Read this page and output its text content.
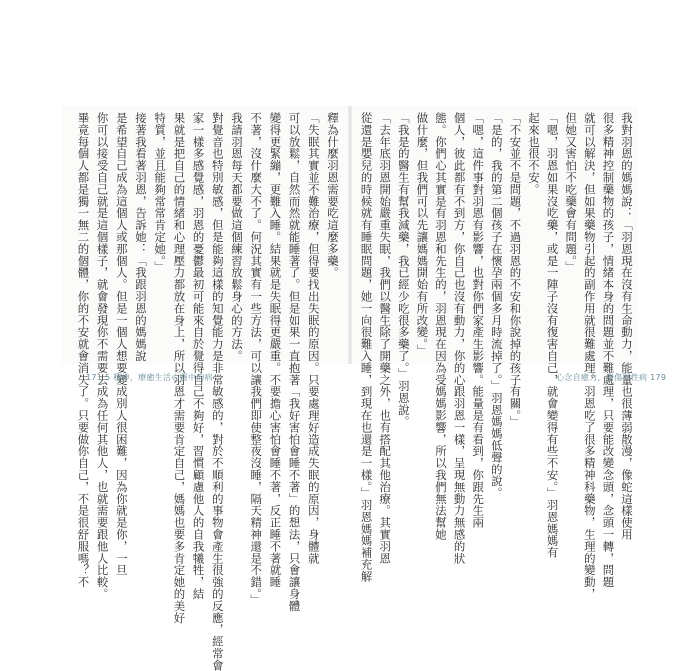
我對羽恩的媽媽說：「羽恩現在沒有生命動力，能量也很薄弱散漫，像蛇這樣使用
很多精神控制藥物的孩子，情緒本身的問題並不難處理，只要能改變念頭，念頭一轉，問題
就可以解決，但如果藥物引起的副作用就很難處理。羽恩吃了很多精神科藥物，生理的變動，
但她又害怕不吃藥會有問題。」
「嗯，羽恩如果沒吃藥，或是一陣子沒有復害自己，就會變得有些不安。」羽恩媽媽有
起來也很不安。
「不安並不是問題，不過羽恩的不安和你說掉的孩子有關。」
「是的，我的第二個孩子在懷孕兩個多月時流掉了。」羽恩媽媽低聲的說。
「嗯，這件事對羽恩有影響，也對你們家產生影響。能量是有看到，你跟先生兩
個人，彼此都有不到方，你自己也沒有動力，你的心跟羽恩一樣，呈現無動力無感的狀
態。你們心其實是有羽恩和先生的，羽恩現在因為受媽媽影響，所以我們無法幫她
做什麼，但我們可以先讓媽媽開始有所改變。」
「我是的醫生有幫我減藥，我已經少吃很多藥了。」羽恩說。
「去年底羽恩開始嚴重失眠，我們以醫生除了開藥之外，也有搭配其他治療。其實羽恩
從還是嬰兒的時候就有睡眠問題，她一向很難入睡，到現在也還是一樣。」羽恩媽媽補充解
釋為什麼羽恩需要吃這麼多藥。
「失眠其實並不難治療，但得要找出失眠的原因。只要處理好造成失眠的原因，身體就
可以放鬆，自然而然就能睡著了。但是如果一直抱著「我好害怕會睡不著」的想法，只會讓身體
變得更緊繃，更難入睡。結果就是失眠得更嚴重。不要擔心害怕會睡不著，反正睡不著就睡
不著，沒什麼大不了。何況其實有一些方法，可以讓我們即使整夜沒睡，隔天精神還是不錯。」
我請羽恩每天都要做這個練習放鬆身心的方法。
對覺音也特別敏感，但是能夠這樣的知覺能力是非常敏感的，對於不順利的事物會產生很強的反應，經常會
家一樣多感覺感，羽恩的憂鬱最初可能來自於覺得自己不夠好，習慣顧慮他人的自我犧牲，結
果就是把自己的情緒和心理壓力都放在身上，所以羽恩才需要肯定自己，媽媽也要多肯定她的美好
特質，並且能夠常常肯定她。」
接著我看著羽恩，告訴她：「我跟羽恩的媽媽說
是希望自己成為這個人或那個人。但是一個人想要變成別人很困難，因為你就是你，一旦
你可以接受自己就是這個樣子，就會發現你不需要去成為任何其他人，也就需要跟他人比較。
畢竟每個人都是獨一無二的個體，你的不安就會消失了。只要做你自己，不是很舒服嗎？不	心念自癒力，療傷與性病 179
171 5 精神，療癒生活心靈中的病
